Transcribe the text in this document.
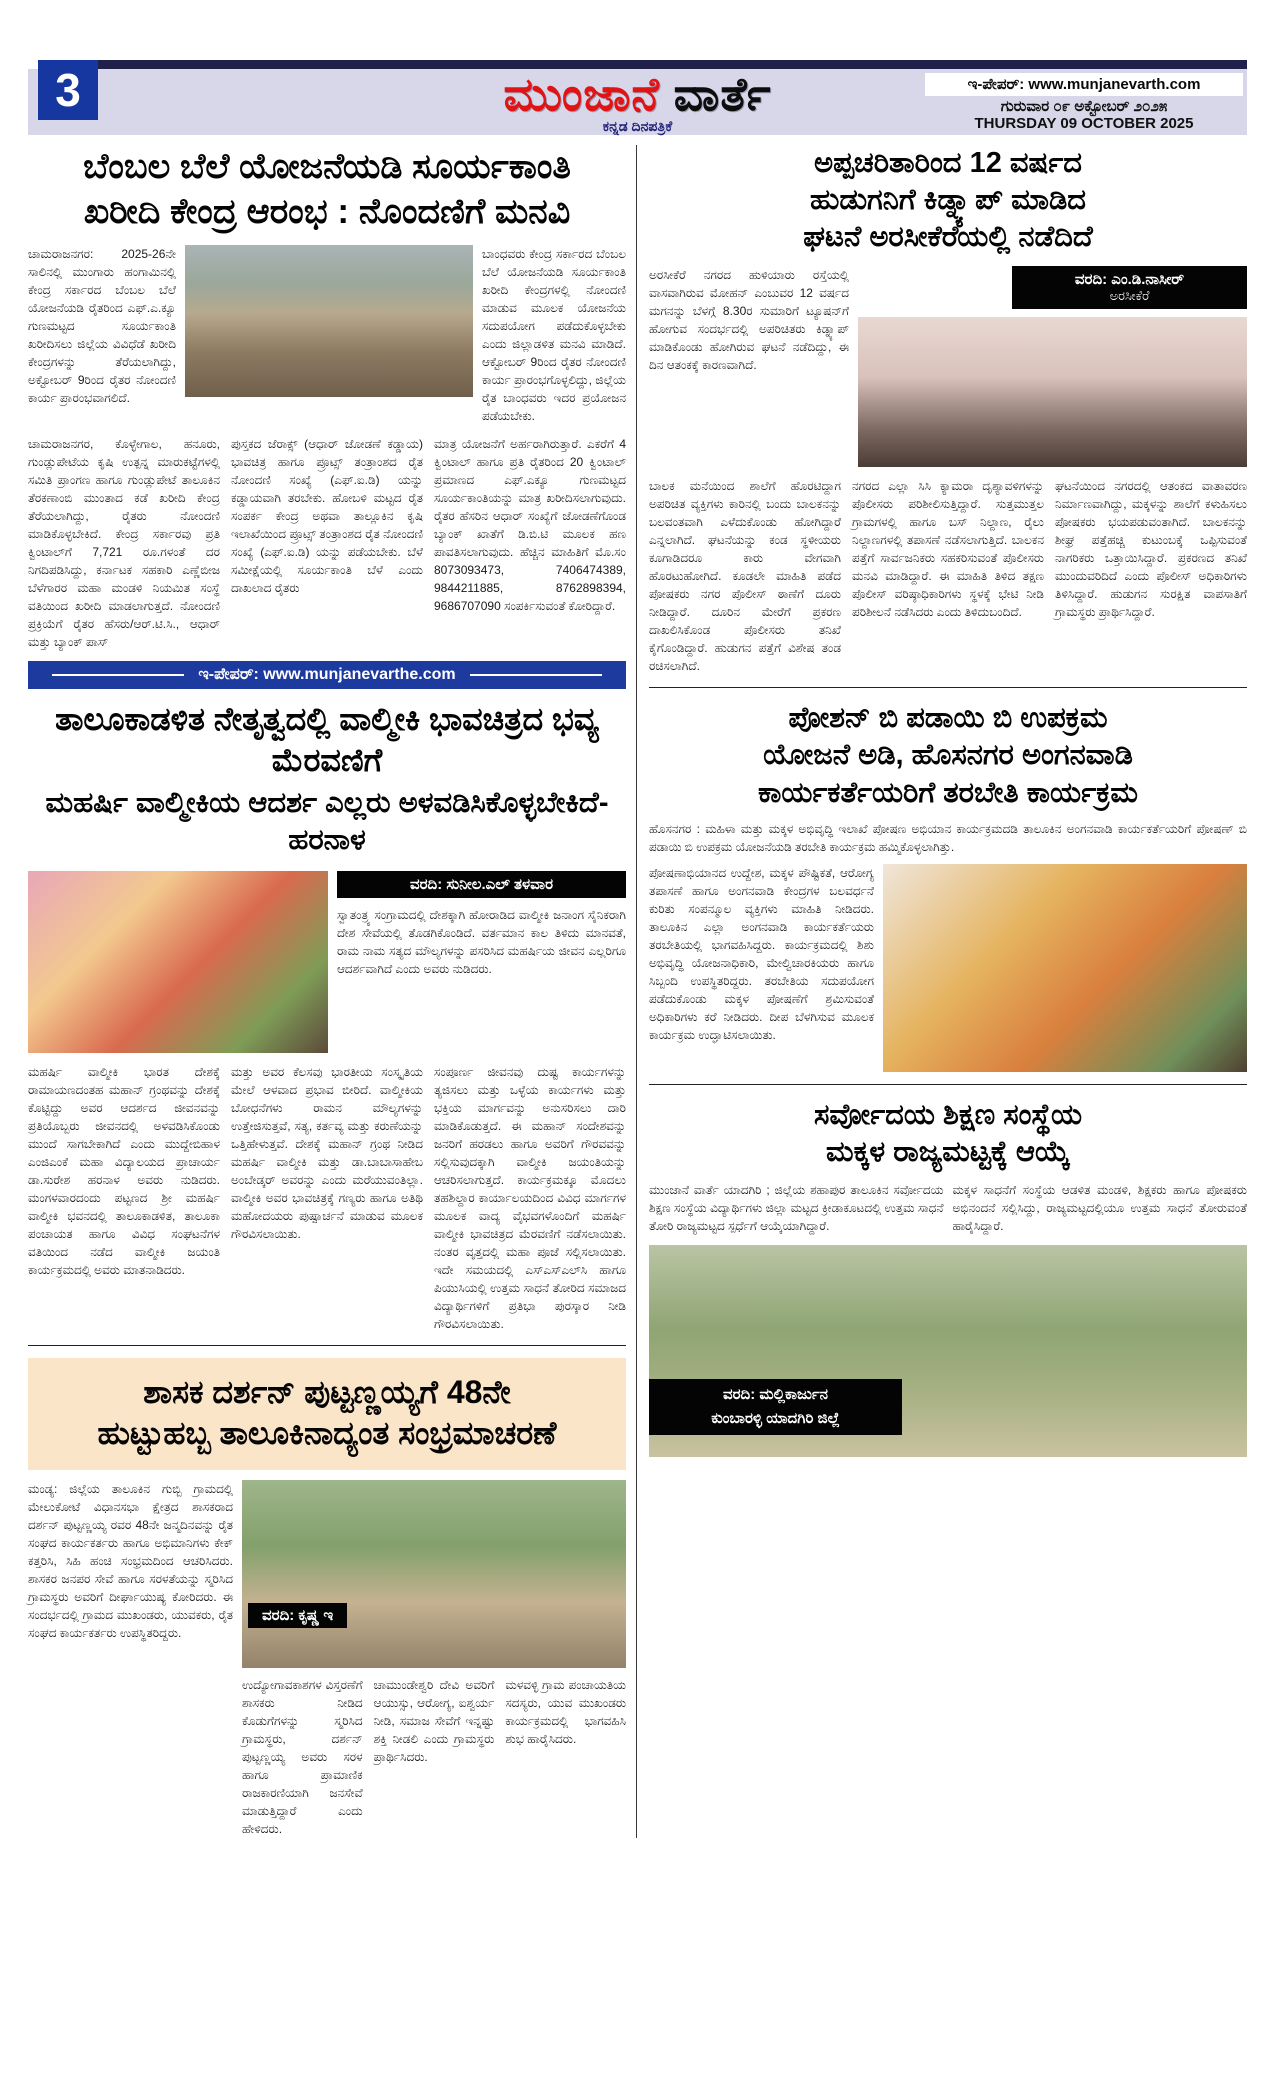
3	ಮುಂಜಾನೆ ವಾರ್ತೆ
ಕನ್ನಡ ದಿನಪತ್ರಿಕೆ
ಇ-ಪೇಪರ್: www.munjanevarth.com
ಗುರುವಾರ ೦೯ ಅಕ್ಟೋಬರ್ ೨೦೨೫
THURSDAY 09 OCTOBER 2025
ಬೆಂಬಲ ಬೆಲೆ ಯೋಜನೆಯಡಿ ಸೂರ್ಯಕಾಂತಿ
ಖರೀದಿ ಕೇಂದ್ರ ಆರಂಭ : ನೊಂದಣಿಗೆ ಮನವಿ
ಚಾಮರಾಜನಗರ: 2025-26ನೇ ಸಾಲಿನಲ್ಲಿ ಮುಂಗಾರು ಹಂಗಾಮಿನಲ್ಲಿ ಕೇಂದ್ರ ಸರ್ಕಾರದ ಬೆಂಬಲ ಬೆಲೆ ಯೋಜನೆಯಡಿ ರೈತರಿಂದ ಎಫ್.ಎ.ಕ್ಯೂ ಗುಣಮಟ್ಟದ ಸೂರ್ಯಕಾಂತಿ ಖರೀದಿಸಲು ಜಿಲ್ಲೆಯ ವಿವಿಧೆಡೆ ಖರೀದಿ ಕೇಂದ್ರಗಳನ್ನು ತೆರೆಯಲಾಗಿದ್ದು, ಅಕ್ಟೋಬರ್ 9ರಿಂದ ರೈತರ ನೋಂದಣಿ ಕಾರ್ಯ ಪ್ರಾರಂಭವಾಗಲಿದೆ.
ಬಾಂಧವರು ಕೇಂದ್ರ ಸರ್ಕಾರದ ಬೆಂಬಲ ಬೆಲೆ ಯೋಜನೆಯಡಿ ಸೂರ್ಯಕಾಂತಿ ಖರೀದಿ ಕೇಂದ್ರಗಳಲ್ಲಿ ನೋಂದಣಿ ಮಾಡುವ ಮೂಲಕ ಯೋಜನೆಯ ಸದುಪಯೋಗ ಪಡೆದುಕೊಳ್ಳಬೇಕು ಎಂದು ಜಿಲ್ಲಾಡಳಿತ ಮನವಿ ಮಾಡಿದೆ. ಆಕ್ಟೋಬರ್ 9ರಿಂದ ರೈತರ ನೋಂದಣಿ ಕಾರ್ಯ ಪ್ರಾರಂಭಗೊಳ್ಳಲಿದ್ದು, ಜಿಲ್ಲೆಯ ರೈತ ಬಾಂಧವರು ಇದರ ಪ್ರಯೋಜನ ಪಡೆಯಬೇಕು.
ಚಾಮರಾಜನಗರ, ಕೊಳ್ಳೇಗಾಲ, ಹನೂರು, ಗುಂಡ್ಲುಪೇಟೆಯ ಕೃಷಿ ಉತ್ಪನ್ನ ಮಾರುಕಟ್ಟೆಗಳಲ್ಲಿ ಸಮಿತಿ ಪ್ರಾಂಗಣ ಹಾಗೂ ಗುಂಡ್ಲುಪೇಟೆ ತಾಲೂಕಿನ ತೆರಕಣಾಂಬಿ ಮುಂತಾದ ಕಡೆ ಖರೀದಿ ಕೇಂದ್ರ ತೆರೆಯಲಾಗಿದ್ದು, ರೈತರು ನೋಂದಣಿ ಮಾಡಿಕೊಳ್ಳಬೇಕಿದೆ. ಕೇಂದ್ರ ಸರ್ಕಾರವು ಪ್ರತಿ ಕ್ವಿಂಟಾಲ್‌ಗೆ 7,721 ರೂ.ಗಳಂತೆ ದರ ನಿಗದಿಪಡಿಸಿದ್ದು, ಕರ್ನಾಟಕ ಸಹಕಾರಿ ಎಣ್ಣೆಬೀಜ ಬೆಳೆಗಾರರ ಮಹಾ ಮಂಡಳಿ ನಿಯಮಿತ ಸಂಸ್ಥೆ ವತಿಯಿಂದ ಖರೀದಿ ಮಾಡಲಾಗುತ್ತದೆ. ನೋಂದಣಿ ಪ್ರಕ್ರಿಯೆಗೆ ರೈತರ ಹೆಸರು/ಆರ್.ಟಿ.ಸಿ., ಆಧಾರ್ ಮತ್ತು ಬ್ಯಾಂಕ್ ಪಾಸ್
ಪುಸ್ತಕದ ಜೆರಾಕ್ಸ್ (ಆಧಾರ್ ಜೋಡಣೆ ಕಡ್ಡಾಯ) ಭಾವಚಿತ್ರ ಹಾಗೂ ಪ್ರೂಟ್ಸ್ ತಂತ್ರಾಂಶದ ರೈತ ನೋಂದಣಿ ಸಂಖ್ಯೆ (ಎಫ್.ಐ.ಡಿ) ಯನ್ನು ಕಡ್ಡಾಯವಾಗಿ ತರಬೇಕು. ಹೋಬಳಿ ಮಟ್ಟದ ರೈತ ಸಂಪರ್ಕ ಕೇಂದ್ರ ಅಥವಾ ತಾಲ್ಲೂಕಿನ ಕೃಷಿ ಇಲಾಖೆಯಿಂದ ಪ್ರೂಟ್ಸ್ ತಂತ್ರಾಂಶದ ರೈತ ನೋಂದಣಿ ಸಂಖ್ಯೆ (ಎಫ್.ಐ.ಡಿ) ಯನ್ನು ಪಡೆಯಬೇಕು. ಬೆಳೆ ಸಮೀಕ್ಷೆಯಲ್ಲಿ ಸೂರ್ಯಕಾಂತಿ ಬೆಳೆ ಎಂದು ದಾಖಲಾದ ರೈತರು
ಮಾತ್ರ ಯೋಜನೆಗೆ ಅರ್ಹರಾಗಿರುತ್ತಾರೆ. ಎಕರೆಗೆ 4 ಕ್ವಿಂಟಾಲ್ ಹಾಗೂ ಪ್ರತಿ ರೈತರಿಂದ 20 ಕ್ವಿಂಟಾಲ್ ಪ್ರಮಾಣದ ಎಫ್.ಎಕ್ಯೂ ಗುಣಮಟ್ಟದ ಸೂರ್ಯಕಾಂತಿಯನ್ನು ಮಾತ್ರ ಖರೀದಿಸಲಾಗುವುದು. ರೈತರ ಹೆಸರಿನ ಆಧಾರ್ ಸಂಖ್ಯೆಗೆ ಜೋಡಣೆಗೊಂಡ ಬ್ಯಾಂಕ್ ಖಾತೆಗೆ ಡಿ.ಬಿ.ಟಿ ಮೂಲಕ ಹಣ ಪಾವತಿಸಲಾಗುವುದು. ಹೆಚ್ಚಿನ ಮಾಹಿತಿಗೆ ಮೊ.ಸಂ 8073093473, 7406474389, 9844211885, 8762898394, 9686707090 ಸಂಪರ್ಕಿಸುವಂತೆ ಕೋರಿದ್ದಾರೆ.
ಇ-ಪೇಪರ್: www.munjanevarthe.com
ತಾಲೂಕಾಡಳಿತ ನೇತೃತ್ವದಲ್ಲಿ ವಾಲ್ಮೀಕಿ ಭಾವಚಿತ್ರದ ಭವ್ಯ ಮೆರವಣಿಗೆ
ಮಹರ್ಷಿ ವಾಲ್ಮೀಕಿಯ ಆದರ್ಶ ಎಲ್ಲರು ಅಳವಡಿಸಿಕೊಳ್ಳಬೇಕಿದೆ-ಹರನಾಳ
ವರದಿ: ಸುನೀಲ.ಎಲ್ ತಳವಾರ
ಸ್ವಾತಂತ್ರ್ಯ ಸಂಗ್ರಾಮದಲ್ಲಿ ದೇಶಕ್ಕಾಗಿ ಹೋರಾಡಿದ ವಾಲ್ಮೀಕಿ ಜನಾಂಗ ಸೈನಿಕರಾಗಿ ದೇಶ ಸೇವೆಯಲ್ಲಿ ತೊಡಗಿಕೊಂಡಿದೆ. ವರ್ತಮಾನ ಕಾಲ ತಿಳಿದು ಮಾನವತೆ, ರಾಮ ನಾಮ ಸತ್ಯದ ಮೌಲ್ಯಗಳನ್ನು ಪಸರಿಸಿದ ಮಹರ್ಷಿಯ ಜೀವನ ಎಲ್ಲರಿಗೂ ಆದರ್ಶವಾಗಿದೆ ಎಂದು ಅವರು ನುಡಿದರು.
ಮಹರ್ಷಿ ವಾಲ್ಮೀಕಿ ಭಾರತ ದೇಶಕ್ಕೆ ರಾಮಾಯಣದಂತಹ ಮಹಾನ್ ಗ್ರಂಥವನ್ನು ದೇಶಕ್ಕೆ ಕೊಟ್ಟಿದ್ದು ಅವರ ಆದರ್ಶದ ಜೀವನವನ್ನು ಪ್ರತಿಯೊಬ್ಬರು ಜೀವನದಲ್ಲಿ ಅಳವಡಿಸಿಕೊಂಡು ಮುಂದೆ ಸಾಗಬೇಕಾಗಿದೆ ಎಂದು ಮುದ್ದೇಬಿಹಾಳ ಎಂಜಿಎಂಕೆ ಮಹಾ ವಿದ್ಯಾಲಯದ ಪ್ರಾಚಾರ್ಯ ಡಾ.ಸುರೇಶ ಹರನಾಳ ಅವರು ನುಡಿದರು. ಮಂಗಳವಾರದಂದು ಪಟ್ಟಣದ ಶ್ರೀ ಮಹರ್ಷಿ ವಾಲ್ಮೀಕಿ ಭವನದಲ್ಲಿ ತಾಲೂಕಾಡಳಿತ, ತಾಲೂಕಾ ಪಂಚಾಯತ ಹಾಗೂ ವಿವಿಧ ಸಂಘಟನೆಗಳ ವತಿಯಿಂದ ನಡೆದ ವಾಲ್ಮೀಕಿ ಜಯಂತಿ ಕಾರ್ಯಕ್ರಮದಲ್ಲಿ ಅವರು ಮಾತನಾಡಿದರು.
ಮತ್ತು ಅವರ ಕೆಲಸವು ಭಾರತೀಯ ಸಂಸ್ಕೃತಿಯ ಮೇಲೆ ಆಳವಾದ ಪ್ರಭಾವ ಬೀರಿದೆ. ವಾಲ್ಮೀಕಿಯ ಬೋಧನೆಗಳು ರಾಮನ ಮೌಲ್ಯಗಳನ್ನು ಉತ್ತೇಜಿಸುತ್ತವೆ, ಸತ್ಯ, ಕರ್ತವ್ಯ ಮತ್ತು ಕರುಣೆಯನ್ನು ಒತ್ತಿಹೇಳುತ್ತವೆ. ದೇಶಕ್ಕೆ ಮಹಾನ್ ಗ್ರಂಥ ನೀಡಿದ ಮಹರ್ಷಿ ವಾಲ್ಮೀಕಿ ಮತ್ತು ಡಾ.ಬಾಬಾಸಾಹೇಬ ಅಂಬೇಡ್ಕರ್ ಅವರನ್ನು ಎಂದು ಮರೆಯುವಂತಿಲ್ಲಾ. ವಾಲ್ಮೀಕಿ ಅವರ ಭಾವಚಿತ್ರಕ್ಕೆ ಗಣ್ಯರು ಹಾಗೂ ಅತಿಥಿ ಮಹೋದಯರು ಪುಷ್ಪಾರ್ಚನೆ ಮಾಡುವ ಮೂಲಕ ಗೌರವಿಸಲಾಯಿತು.
ಸಂಪೂರ್ಣ ಜೀವನವು ದುಷ್ಟ ಕಾರ್ಯಗಳನ್ನು ತ್ಯಜಿಸಲು ಮತ್ತು ಒಳ್ಳೆಯ ಕಾರ್ಯಗಳು ಮತ್ತು ಭಕ್ತಿಯ ಮಾರ್ಗವನ್ನು ಅನುಸರಿಸಲು ದಾರಿ ಮಾಡಿಕೊಡುತ್ತದೆ. ಈ ಮಹಾನ್ ಸಂದೇಶವನ್ನು ಜನರಿಗೆ ಹರಡಲು ಹಾಗೂ ಅವರಿಗೆ ಗೌರವವನ್ನು ಸಲ್ಲಿಸುವುದಕ್ಕಾಗಿ ವಾಲ್ಮೀಕಿ ಜಯಂತಿಯನ್ನು ಆಚರಿಸಲಾಗುತ್ತದೆ. ಕಾರ್ಯಕ್ರಮಕ್ಕೂ ಮೊದಲು ತಹಶಿಲ್ದಾರ ಕಾರ್ಯಾಲಯದಿಂದ ವಿವಿಧ ಮಾರ್ಗಗಳ ಮೂಲಕ ವಾದ್ಯ ವೈಭವಗಳೊಂದಿಗೆ ಮಹರ್ಷಿ ವಾಲ್ಮೀಕಿ ಭಾವಚಿತ್ರದ ಮೆರವಣಿಗೆ ನಡೆಸಲಾಯಿತು. ನಂತರ ವೃತ್ತದಲ್ಲಿ ಮಹಾ ಪೂಜೆ ಸಲ್ಲಿಸಲಾಯಿತು. ಇದೇ ಸಮಯದಲ್ಲಿ ಎಸ್‌ಎಸ್‌ಎಲ್‌ಸಿ ಹಾಗೂ ಪಿಯುಸಿಯಲ್ಲಿ ಉತ್ತಮ ಸಾಧನೆ ತೋರಿದ ಸಮಾಜದ ವಿದ್ಯಾರ್ಥಿಗಳಿಗೆ ಪ್ರತಿಭಾ ಪುರಸ್ಕಾರ ನೀಡಿ ಗೌರವಿಸಲಾಯಿತು.
ಶಾಸಕ ದರ್ಶನ್ ಪುಟ್ಟಣ್ಣಯ್ಯಗೆ 48ನೇ
ಹುಟ್ಟುಹಬ್ಬ ತಾಲೂಕಿನಾದ್ಯಂತ ಸಂಭ್ರಮಾಚರಣೆ
ಮಂಡ್ಯ: ಜಿಲ್ಲೆಯ ತಾಲೂಕಿನ ಗುಬ್ಬಿ ಗ್ರಾಮದಲ್ಲಿ ಮೇಲುಕೋಟೆ ವಿಧಾನಸಭಾ ಕ್ಷೇತ್ರದ ಶಾಸಕರಾದ ದರ್ಶನ್ ಪುಟ್ಟಣ್ಣಯ್ಯ ರವರ 48ನೇ ಜನ್ಮದಿನವನ್ನು ರೈತ ಸಂಘದ ಕಾರ್ಯಕರ್ತರು ಹಾಗೂ ಅಭಿಮಾನಿಗಳು ಕೇಕ್ ಕತ್ತರಿಸಿ, ಸಿಹಿ ಹಂಚಿ ಸಂಭ್ರಮದಿಂದ ಆಚರಿಸಿದರು. ಶಾಸಕರ ಜನಪರ ಸೇವೆ ಹಾಗೂ ಸರಳತೆಯನ್ನು ಸ್ಮರಿಸಿದ ಗ್ರಾಮಸ್ಥರು ಅವರಿಗೆ ದೀರ್ಘಾಯುಷ್ಯ ಕೋರಿದರು. ಈ ಸಂದರ್ಭದಲ್ಲಿ ಗ್ರಾಮದ ಮುಖಂಡರು, ಯುವಕರು, ರೈತ ಸಂಘದ ಕಾರ್ಯಕರ್ತರು ಉಪಸ್ಥಿತರಿದ್ದರು.
ವರದಿ: ಕೃಷ್ಣ ಇ
ಉದ್ಯೋಗಾವಕಾಶಗಳ ವಿಸ್ತರಣೆಗೆ ಶಾಸಕರು ನೀಡಿದ ಕೊಡುಗೆಗಳನ್ನು ಸ್ಮರಿಸಿದ ಗ್ರಾಮಸ್ಥರು, ದರ್ಶನ್ ಪುಟ್ಟಣ್ಣಯ್ಯ ಅವರು ಸರಳ ಹಾಗೂ ಪ್ರಾಮಾಣಿಕ ರಾಜಕಾರಣಿಯಾಗಿ ಜನಸೇವೆ ಮಾಡುತ್ತಿದ್ದಾರೆ ಎಂದು ಹೇಳಿದರು.
ಚಾಮುಂಡೇಶ್ವರಿ ದೇವಿ ಅವರಿಗೆ ಆಯುಸ್ಸು, ಆರೋಗ್ಯ, ಐಶ್ವರ್ಯ ನೀಡಿ, ಸಮಾಜ ಸೇವೆಗೆ ಇನ್ನಷ್ಟು ಶಕ್ತಿ ನೀಡಲಿ ಎಂದು ಗ್ರಾಮಸ್ಥರು ಪ್ರಾರ್ಥಿಸಿದರು.
ಮಳವಳ್ಳಿ ಗ್ರಾಮ ಪಂಚಾಯತಿಯ ಸದಸ್ಯರು, ಯುವ ಮುಖಂಡರು ಕಾರ್ಯಕ್ರಮದಲ್ಲಿ ಭಾಗವಹಿಸಿ ಶುಭ ಹಾರೈಸಿದರು.
ಅಪ್ಪಚರಿತಾರಿಂದ 12 ವರ್ಷದ
ಹುಡುಗನಿಗೆ ಕಿಡ್ನ್ಯಾಪ್ ಮಾಡಿದ
ಘಟನೆ ಅರಸೀಕೆರೆಯಲ್ಲಿ ನಡೆದಿದೆ
ಅರಸೀಕೆರೆ ನಗರದ ಹುಳಿಯಾರು ರಸ್ತೆಯಲ್ಲಿ ವಾಸವಾಗಿರುವ ಮೋಹನ್ ಎಂಬುವರ 12 ವರ್ಷದ ಮಗನನ್ನು ಬೆಳಗ್ಗೆ 8.30ರ ಸುಮಾರಿಗೆ ಟ್ಯೂಷನ್‌ಗೆ ಹೋಗುವ ಸಂದರ್ಭದಲ್ಲಿ ಅಪರಿಚಿತರು ಕಿಡ್ನ್ಯಾಪ್ ಮಾಡಿಕೊಂಡು ಹೋಗಿರುವ ಘಟನೆ ನಡೆದಿದ್ದು, ಈ ದಿನ ಆತಂಕಕ್ಕೆ ಕಾರಣವಾಗಿದೆ.
ವರದಿ: ಎಂ.ಡಿ.ನಾಸೀರ್
ಅರಸೀಕೆರೆ
ಬಾಲಕ ಮನೆಯಿಂದ ಶಾಲೆಗೆ ಹೊರಟಿದ್ದಾಗ ಅಪರಿಚಿತ ವ್ಯಕ್ತಿಗಳು ಕಾರಿನಲ್ಲಿ ಬಂದು ಬಾಲಕನನ್ನು ಬಲವಂತವಾಗಿ ಎಳೆದುಕೊಂಡು ಹೋಗಿದ್ದಾರೆ ಎನ್ನಲಾಗಿದೆ. ಘಟನೆಯನ್ನು ಕಂಡ ಸ್ಥಳೀಯರು ಕೂಗಾಡಿದರೂ ಕಾರು ವೇಗವಾಗಿ ಹೊರಟುಹೋಗಿದೆ. ಕೂಡಲೇ ಮಾಹಿತಿ ಪಡೆದ ಪೋಷಕರು ನಗರ ಪೊಲೀಸ್ ಠಾಣೆಗೆ ದೂರು ನೀಡಿದ್ದಾರೆ. ದೂರಿನ ಮೇರೆಗೆ ಪ್ರಕರಣ ದಾಖಲಿಸಿಕೊಂಡ ಪೊಲೀಸರು ತನಿಖೆ ಕೈಗೊಂಡಿದ್ದಾರೆ. ಹುಡುಗನ ಪತ್ತೆಗೆ ವಿಶೇಷ ತಂಡ ರಚಿಸಲಾಗಿದೆ.
ನಗರದ ಎಲ್ಲಾ ಸಿಸಿ ಕ್ಯಾಮರಾ ದೃಶ್ಯಾವಳಿಗಳನ್ನು ಪೊಲೀಸರು ಪರಿಶೀಲಿಸುತ್ತಿದ್ದಾರೆ. ಸುತ್ತಮುತ್ತಲ ಗ್ರಾಮಗಳಲ್ಲಿ ಹಾಗೂ ಬಸ್ ನಿಲ್ದಾಣ, ರೈಲು ನಿಲ್ದಾಣಗಳಲ್ಲಿ ತಪಾಸಣೆ ನಡೆಸಲಾಗುತ್ತಿದೆ. ಬಾಲಕನ ಪತ್ತೆಗೆ ಸಾರ್ವಜನಿಕರು ಸಹಕರಿಸುವಂತೆ ಪೊಲೀಸರು ಮನವಿ ಮಾಡಿದ್ದಾರೆ. ಈ ಮಾಹಿತಿ ತಿಳಿದ ತಕ್ಷಣ ಪೊಲೀಸ್ ವರಿಷ್ಠಾಧಿಕಾರಿಗಳು ಸ್ಥಳಕ್ಕೆ ಭೇಟಿ ನೀಡಿ ಪರಿಶೀಲನೆ ನಡೆಸಿದರು ಎಂದು ತಿಳಿದುಬಂದಿದೆ.
ಘಟನೆಯಿಂದ ನಗರದಲ್ಲಿ ಆತಂಕದ ವಾತಾವರಣ ನಿರ್ಮಾಣವಾಗಿದ್ದು, ಮಕ್ಕಳನ್ನು ಶಾಲೆಗೆ ಕಳುಹಿಸಲು ಪೋಷಕರು ಭಯಪಡುವಂತಾಗಿದೆ. ಬಾಲಕನನ್ನು ಶೀಘ್ರ ಪತ್ತೆಹಚ್ಚಿ ಕುಟುಂಬಕ್ಕೆ ಒಪ್ಪಿಸುವಂತೆ ನಾಗರಿಕರು ಒತ್ತಾಯಿಸಿದ್ದಾರೆ. ಪ್ರಕರಣದ ತನಿಖೆ ಮುಂದುವರಿದಿದೆ ಎಂದು ಪೊಲೀಸ್ ಅಧಿಕಾರಿಗಳು ತಿಳಿಸಿದ್ದಾರೆ. ಹುಡುಗನ ಸುರಕ್ಷಿತ ವಾಪಸಾತಿಗೆ ಗ್ರಾಮಸ್ಥರು ಪ್ರಾರ್ಥಿಸಿದ್ದಾರೆ.
ಪೋಶನ್ ಬಿ ಪಡಾಯಿ ಬಿ ಉಪಕ್ರಮ
ಯೋಜನೆ ಅಡಿ, ಹೊಸನಗರ ಅಂಗನವಾಡಿ
ಕಾರ್ಯಕರ್ತೆಯರಿಗೆ ತರಬೇತಿ ಕಾರ್ಯಕ್ರಮ
ಹೊಸನಗರ : ಮಹಿಳಾ ಮತ್ತು ಮಕ್ಕಳ ಅಭಿವೃದ್ಧಿ ಇಲಾಖೆ ಪೋಷಣ ಅಭಿಯಾನ ಕಾರ್ಯಕ್ರಮದಡಿ ತಾಲೂಕಿನ ಅಂಗನವಾಡಿ ಕಾರ್ಯಕರ್ತೆಯರಿಗೆ ಪೋಷಣ್ ಬಿ ಪಡಾಯಿ ಬಿ ಉಪಕ್ರಮ ಯೋಜನೆಯಡಿ ತರಬೇತಿ ಕಾರ್ಯಕ್ರಮ ಹಮ್ಮಿಕೊಳ್ಳಲಾಗಿತ್ತು.
ಪೋಷಣಾಭಿಯಾನದ ಉದ್ದೇಶ, ಮಕ್ಕಳ ಪೌಷ್ಟಿಕತೆ, ಆರೋಗ್ಯ ತಪಾಸಣೆ ಹಾಗೂ ಅಂಗನವಾಡಿ ಕೇಂದ್ರಗಳ ಬಲವರ್ಧನೆ ಕುರಿತು ಸಂಪನ್ಮೂಲ ವ್ಯಕ್ತಿಗಳು ಮಾಹಿತಿ ನೀಡಿದರು. ತಾಲೂಕಿನ ಎಲ್ಲಾ ಅಂಗನವಾಡಿ ಕಾರ್ಯಕರ್ತೆಯರು ತರಬೇತಿಯಲ್ಲಿ ಭಾಗವಹಿಸಿದ್ದರು. ಕಾರ್ಯಕ್ರಮದಲ್ಲಿ ಶಿಶು ಅಭಿವೃದ್ಧಿ ಯೋಜನಾಧಿಕಾರಿ, ಮೇಲ್ವಿಚಾರಕಿಯರು ಹಾಗೂ ಸಿಬ್ಬಂದಿ ಉಪಸ್ಥಿತರಿದ್ದರು. ತರಬೇತಿಯ ಸದುಪಯೋಗ ಪಡೆದುಕೊಂಡು ಮಕ್ಕಳ ಪೋಷಣೆಗೆ ಶ್ರಮಿಸುವಂತೆ ಅಧಿಕಾರಿಗಳು ಕರೆ ನೀಡಿದರು. ದೀಪ ಬೆಳಗಿಸುವ ಮೂಲಕ ಕಾರ್ಯಕ್ರಮ ಉದ್ಘಾಟಿಸಲಾಯಿತು.
ಸರ್ವೋದಯ ಶಿಕ್ಷಣ ಸಂಸ್ಥೆಯ
ಮಕ್ಕಳ ರಾಜ್ಯಮಟ್ಟಕ್ಕೆ ಆಯ್ಕೆ
ಮುಂಜಾನೆ ವಾರ್ತೆ ಯಾದಗಿರಿ ; ಜಿಲ್ಲೆಯ ಶಹಾಪುರ ತಾಲೂಕಿನ ಸರ್ವೋದಯ ಶಿಕ್ಷಣ ಸಂಸ್ಥೆಯ ವಿದ್ಯಾರ್ಥಿಗಳು ಜಿಲ್ಲಾ ಮಟ್ಟದ ಕ್ರೀಡಾಕೂಟದಲ್ಲಿ ಉತ್ತಮ ಸಾಧನೆ ತೋರಿ ರಾಜ್ಯಮಟ್ಟದ ಸ್ಪರ್ಧೆಗೆ ಆಯ್ಕೆಯಾಗಿದ್ದಾರೆ.
ಮಕ್ಕಳ ಸಾಧನೆಗೆ ಸಂಸ್ಥೆಯ ಆಡಳಿತ ಮಂಡಳಿ, ಶಿಕ್ಷಕರು ಹಾಗೂ ಪೋಷಕರು ಅಭಿನಂದನೆ ಸಲ್ಲಿಸಿದ್ದು, ರಾಜ್ಯಮಟ್ಟದಲ್ಲಿಯೂ ಉತ್ತಮ ಸಾಧನೆ ತೋರುವಂತೆ ಹಾರೈಸಿದ್ದಾರೆ.
ವರದಿ: ಮಲ್ಲಿಕಾರ್ಜುನ
ಕುಂಬಾರಳ್ಳಿ ಯಾದಗಿರಿ ಜಿಲ್ಲೆ
